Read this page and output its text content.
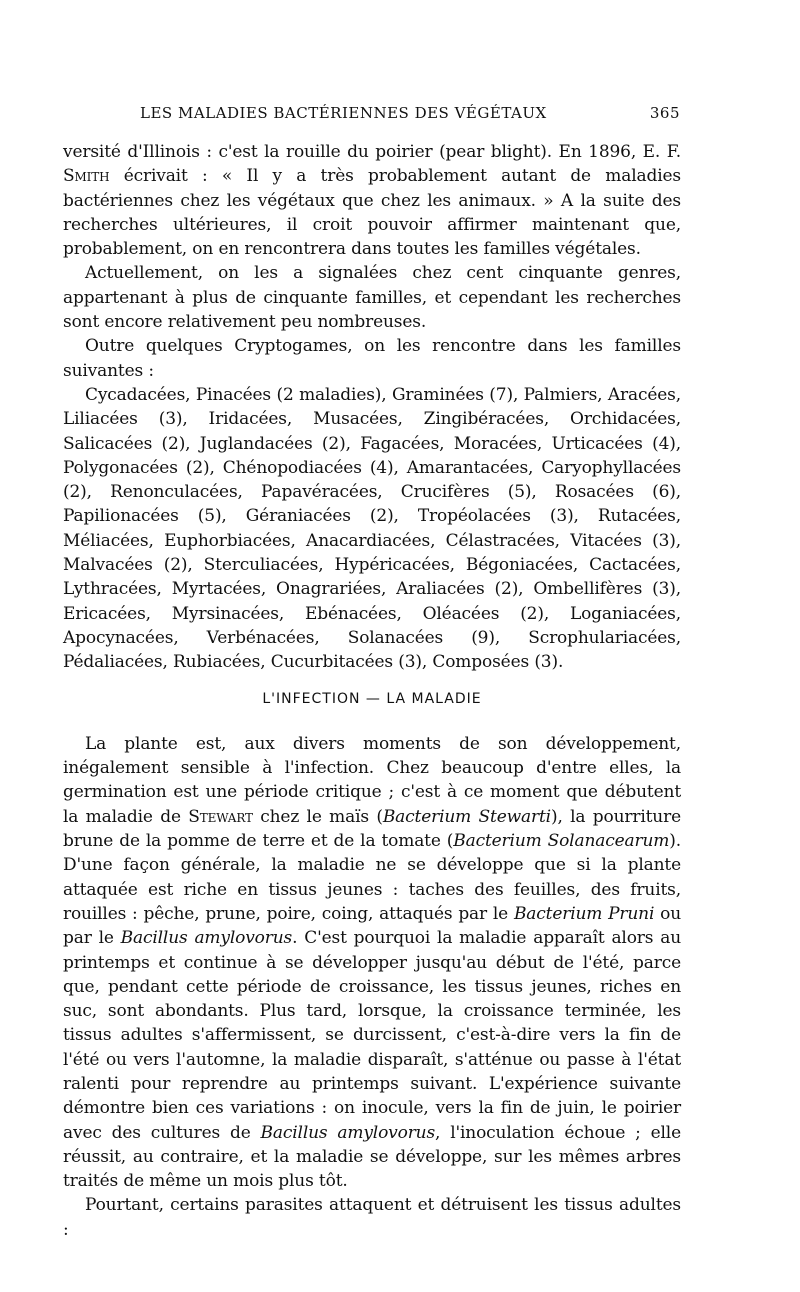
LES MALADIES BACTÉRIENNES DES VÉGÉTAUX	365

versité d'Illinois : c'est la rouille du poirier (pear blight). En 1896, E. F. Smith écrivait : « Il y a très probablement autant de maladies bactériennes chez les végétaux que chez les animaux. » A la suite des recherches ultérieures, il croit pouvoir affirmer maintenant que, probablement, on en rencontrera dans toutes les familles végétales.

Actuellement, on les a signalées chez cent cinquante genres, appartenant à plus de cinquante familles, et cependant les recherches sont encore relativement peu nombreuses.

Outre quelques Cryptogames, on les rencontre dans les familles suivantes :

Cycadacées, Pinacées (2 maladies), Graminées (7), Palmiers, Aracées, Liliacées (3), Iridacées, Musacées, Zingibéracées, Orchidacées, Salicacées (2), Juglandacées (2), Fagacées, Moracées, Urticacées (4), Polygonacées (2), Chénopodiacées (4), Amarantacées, Caryophyllacées (2), Renonculacées, Papavéracées, Crucifères (5), Rosacées (6), Papilionacées (5), Géraniacées (2), Tropéolacées (3), Rutacées, Méliacées, Euphorbiacées, Anacardiacées, Célastracées, Vitacées (3), Malvacées (2), Sterculiacées, Hypéricacées, Bégoniacées, Cactacées, Lythracées, Myrtacées, Onagrariées, Araliacées (2), Ombellifères (3), Ericacées, Myrsinacées, Ebénacées, Oléacées (2), Loganiacées, Apocynacées, Verbénacées, Solanacées (9), Scrophulariacées, Pédaliacées, Rubiacées, Cucurbitacées (3), Composées (3).

L'INFECTION — LA MALADIE

La plante est, aux divers moments de son développement, inégalement sensible à l'infection. Chez beaucoup d'entre elles, la germination est une période critique ; c'est à ce moment que débutent la maladie de Stewart chez le maïs (Bacterium Stewarti), la pourriture brune de la pomme de terre et de la tomate (Bacterium Solanacearum). D'une façon générale, la maladie ne se développe que si la plante attaquée est riche en tissus jeunes : taches des feuilles, des fruits, rouilles : pêche, prune, poire, coing, attaqués par le Bacterium Pruni ou par le Bacillus amylovorus. C'est pourquoi la maladie apparaît alors au printemps et continue à se développer jusqu'au début de l'été, parce que, pendant cette période de croissance, les tissus jeunes, riches en suc, sont abondants. Plus tard, lorsque, la croissance terminée, les tissus adultes s'affermissent, se durcissent, c'est-à-dire vers la fin de l'été ou vers l'automne, la maladie disparaît, s'atténue ou passe à l'état ralenti pour reprendre au printemps suivant. L'expérience suivante démontre bien ces variations : on inocule, vers la fin de juin, le poirier avec des cultures de Bacillus amylovorus, l'inoculation échoue ; elle réussit, au contraire, et la maladie se développe, sur les mêmes arbres traités de même un mois plus tôt.

Pourtant, certains parasites attaquent et détruisent les tissus adultes :
